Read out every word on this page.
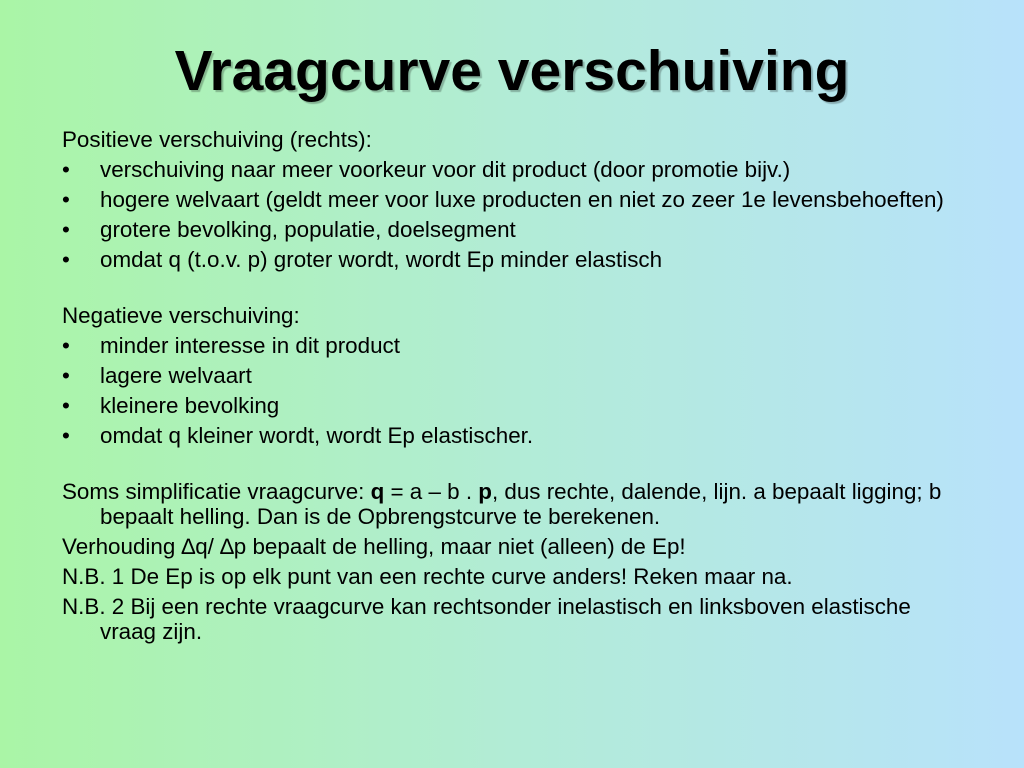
Vraagcurve verschuiving
Positieve verschuiving (rechts):
• verschuiving naar meer voorkeur voor dit product (door promotie bijv.)
• hogere welvaart (geldt meer voor luxe producten en niet zo zeer 1e levensbehoeften)
• grotere bevolking, populatie, doelsegment
• omdat q (t.o.v. p) groter wordt, wordt Ep minder elastisch
Negatieve verschuiving:
• minder interesse in dit product
• lagere welvaart
• kleinere bevolking
• omdat q kleiner wordt, wordt Ep elastischer.
Soms simplificatie vraagcurve: q = a – b . p, dus rechte, dalende, lijn. a bepaalt ligging; b bepaalt helling. Dan is de Opbrengstcurve te berekenen.
Verhouding ∆q/ ∆p bepaalt de helling, maar niet (alleen) de Ep!
N.B. 1 De Ep is op elk punt van een rechte curve anders! Reken maar na.
N.B. 2 Bij een rechte vraagcurve kan rechtsonder inelastisch en linksboven elastische vraag zijn.
